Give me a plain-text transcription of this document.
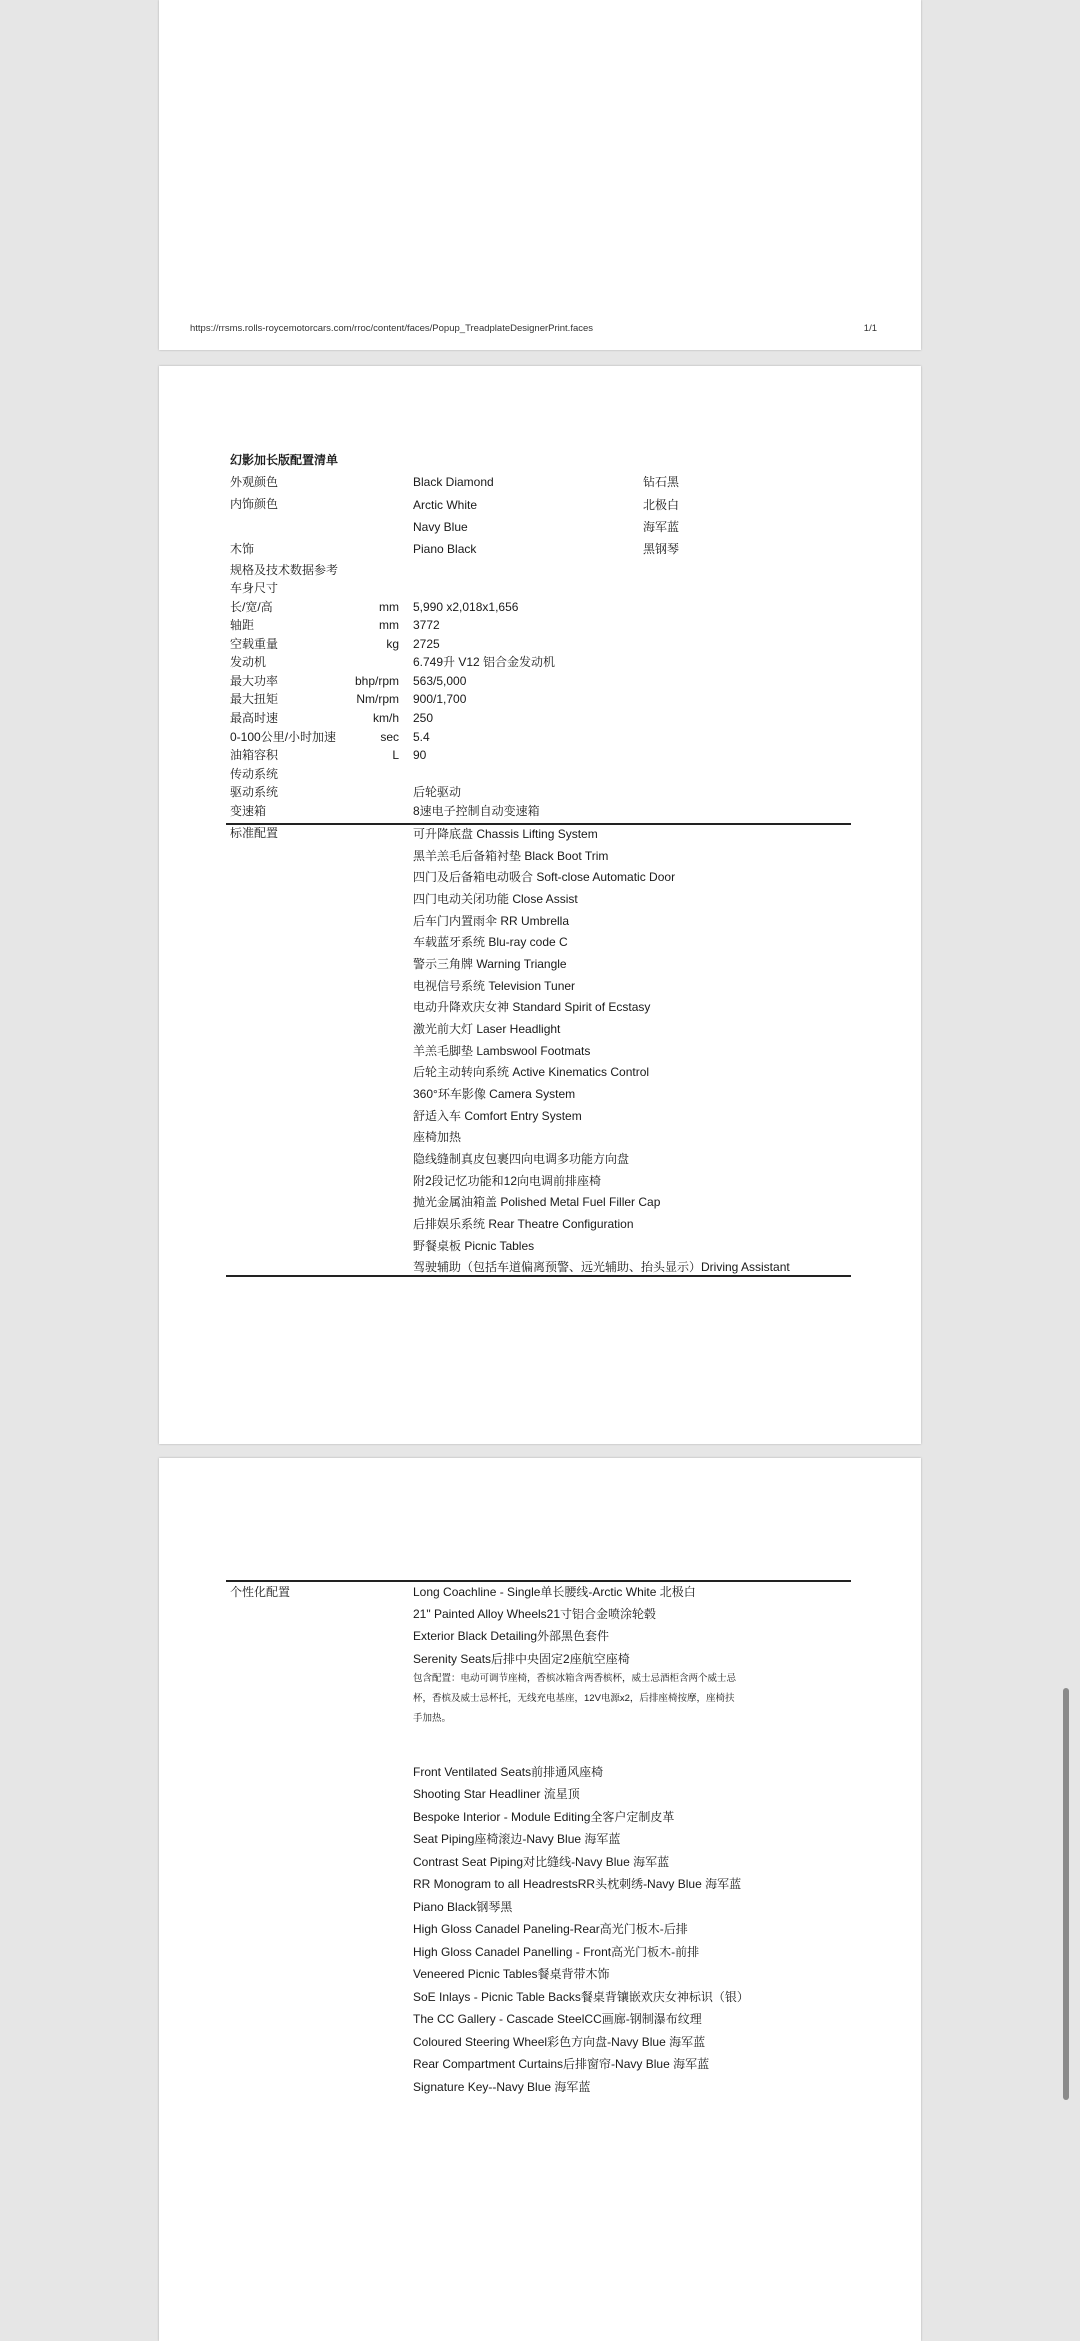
https://rrsms.rolls-roycemotorcars.com/rroc/content/faces/Popup_TreadplateDesignerPrint.faces	1/1
幻影加长版配置清单
外观颜色	Black Diamond	钻石黑
内饰颜色	Arctic White	北极白
Navy Blue	海军蓝
木饰	Piano Black	黑钢琴
规格及技术数据参考
车身尺寸
长/宽/高	mm 5,990 x2,018x1,656
轴距	mm 3772
空载重量	kg 2725
发动机	6.749升 V12 铝合金发动机
最大功率	bhp/rpm 563/5,000
最大扭矩	Nm/rpm 900/1,700
最高时速	km/h 250
0-100公里/小时加速	sec 5.4
油箱容积	L 90
传动系统
驱动系统	后轮驱动
变速箱	8速电子控制自动变速箱
标准配置	可升降底盘 Chassis Lifting System
黑羊羔毛后备箱衬垫 Black Boot Trim
四门及后备箱电动吸合 Soft-close Automatic Door
四门电动关闭功能 Close Assist
后车门内置雨伞 RR Umbrella
车载蓝牙系统 Blu-ray code C
警示三角牌 Warning Triangle
电视信号系统 Television Tuner
电动升降欢庆女神 Standard Spirit of Ecstasy
激光前大灯 Laser Headlight
羊羔毛脚垫 Lambswool Footmats
后轮主动转向系统 Active Kinematics Control
360°环车影像 Camera System
舒适入车 Comfort Entry System
座椅加热
隐线缝制真皮包裹四向电调多功能方向盘
附2段记忆功能和12向电调前排座椅
抛光金属油箱盖 Polished Metal Fuel Filler Cap
后排娱乐系统 Rear Theatre Configuration
野餐桌板 Picnic Tables
驾驶辅助（包括车道偏离预警、远光辅助、抬头显示）Driving Assistant
个性化配置	Long Coachline - Single单长腰线-Arctic White 北极白
21" Painted Alloy Wheels21寸铝合金喷涂轮毂
Exterior Black Detailing外部黑色套件
Serenity Seats后排中央固定2座航空座椅
包含配置：电动可调节座椅，香槟冰箱含两香槟杯，威士忌酒柜含两个威士忌杯，香槟及威士忌杯托，无线充电基座，12V电源x2，后排座椅按摩，座椅扶手加热。
Front Ventilated Seats前排通风座椅
Shooting Star Headliner 流星顶
Bespoke Interior - Module Editing全客户定制皮革
Seat Piping座椅滚边-Navy Blue 海军蓝
Contrast Seat Piping对比缝线-Navy Blue 海军蓝
RR Monogram to all HeadrestsRR头枕刺绣-Navy Blue 海军蓝
Piano Black钢琴黑
High Gloss Canadel Paneling-Rear高光门板木-后排
High Gloss Canadel Panelling - Front高光门板木-前排
Veneered Picnic Tables餐桌背带木饰
SoE Inlays - Picnic Table Backs餐桌背镶嵌欢庆女神标识（银）
The CC Gallery - Cascade SteelCC画廊-钢制瀑布纹理
Coloured Steering Wheel彩色方向盘-Navy Blue 海军蓝
Rear Compartment Curtains后排窗帘-Navy Blue 海军蓝
Signature Key--Navy Blue 海军蓝
